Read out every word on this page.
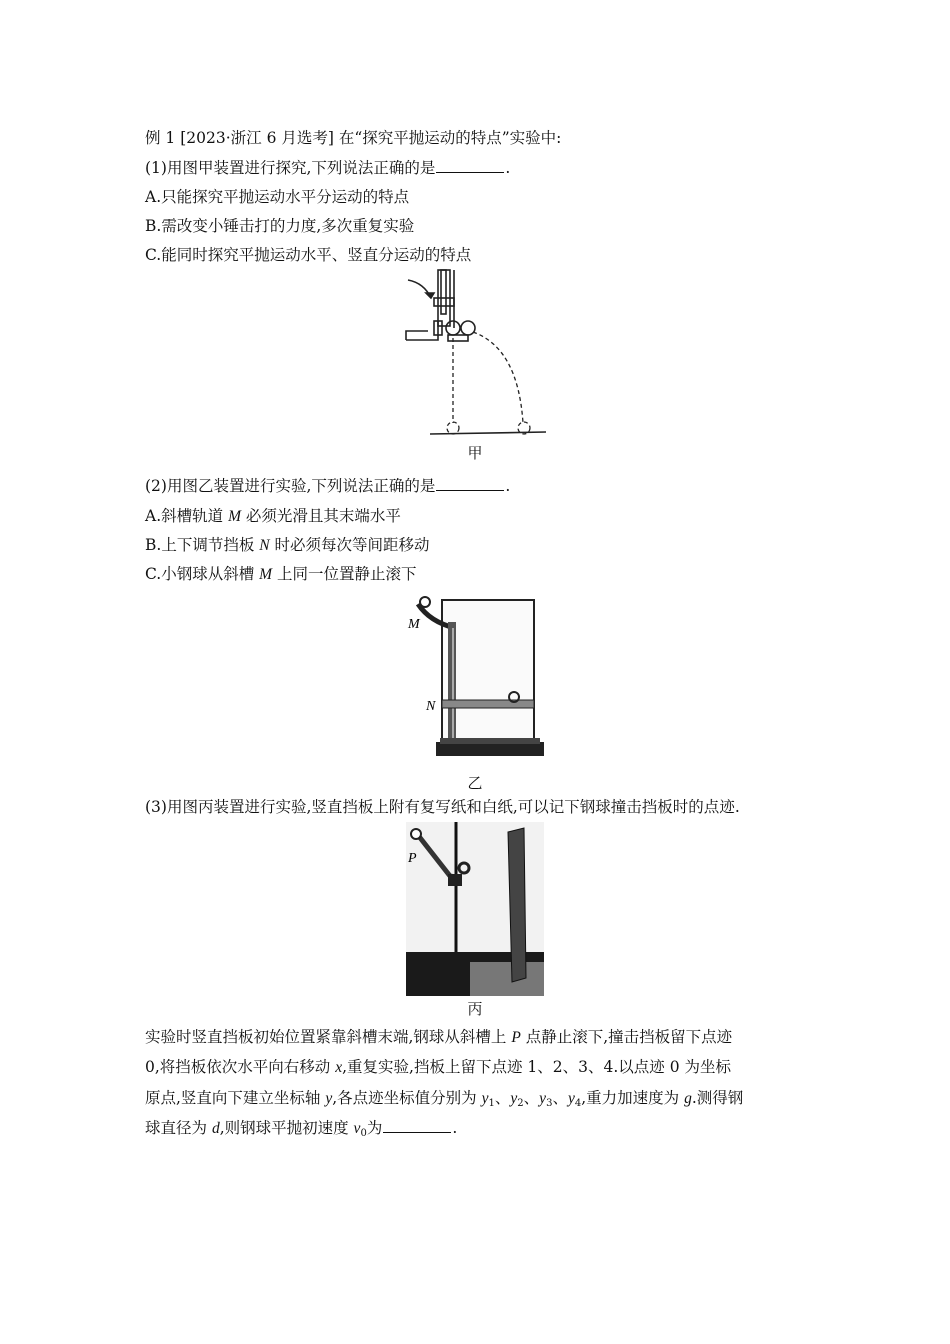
例 1 [2023·浙江 6 月选考] 在“探究平抛运动的特点”实验中:
(1)用图甲装置进行探究,下列说法正确的是	.
A.只能探究平抛运动水平分运动的特点
B.需改变小锤击打的力度,多次重复实验
C.能同时探究平抛运动水平、竖直分运动的特点
甲
(2)用图乙装置进行实验,下列说法正确的是	.
A.斜槽轨道 M 必须光滑且其末端水平
B.上下调节挡板 N 时必须每次等间距移动
C.小钢球从斜槽 M 上同一位置静止滚下
M
N
乙
(3)用图丙装置进行实验,竖直挡板上附有复写纸和白纸,可以记下钢球撞击挡板时的点迹.
P
丙
实验时竖直挡板初始位置紧靠斜槽末端,钢球从斜槽上 P 点静止滚下,撞击挡板留下点迹
0,将挡板依次水平向右移动 x,重复实验,挡板上留下点迹 1、2、3、4.以点迹 0 为坐标
原点,竖直向下建立坐标轴 y,各点迹坐标值分别为 $y_1$、$y_2$、$y_3$、$y_4$,重力加速度为 g.测得钢
球直径为 d,则钢球平抛初速度 $v_0$为	.
